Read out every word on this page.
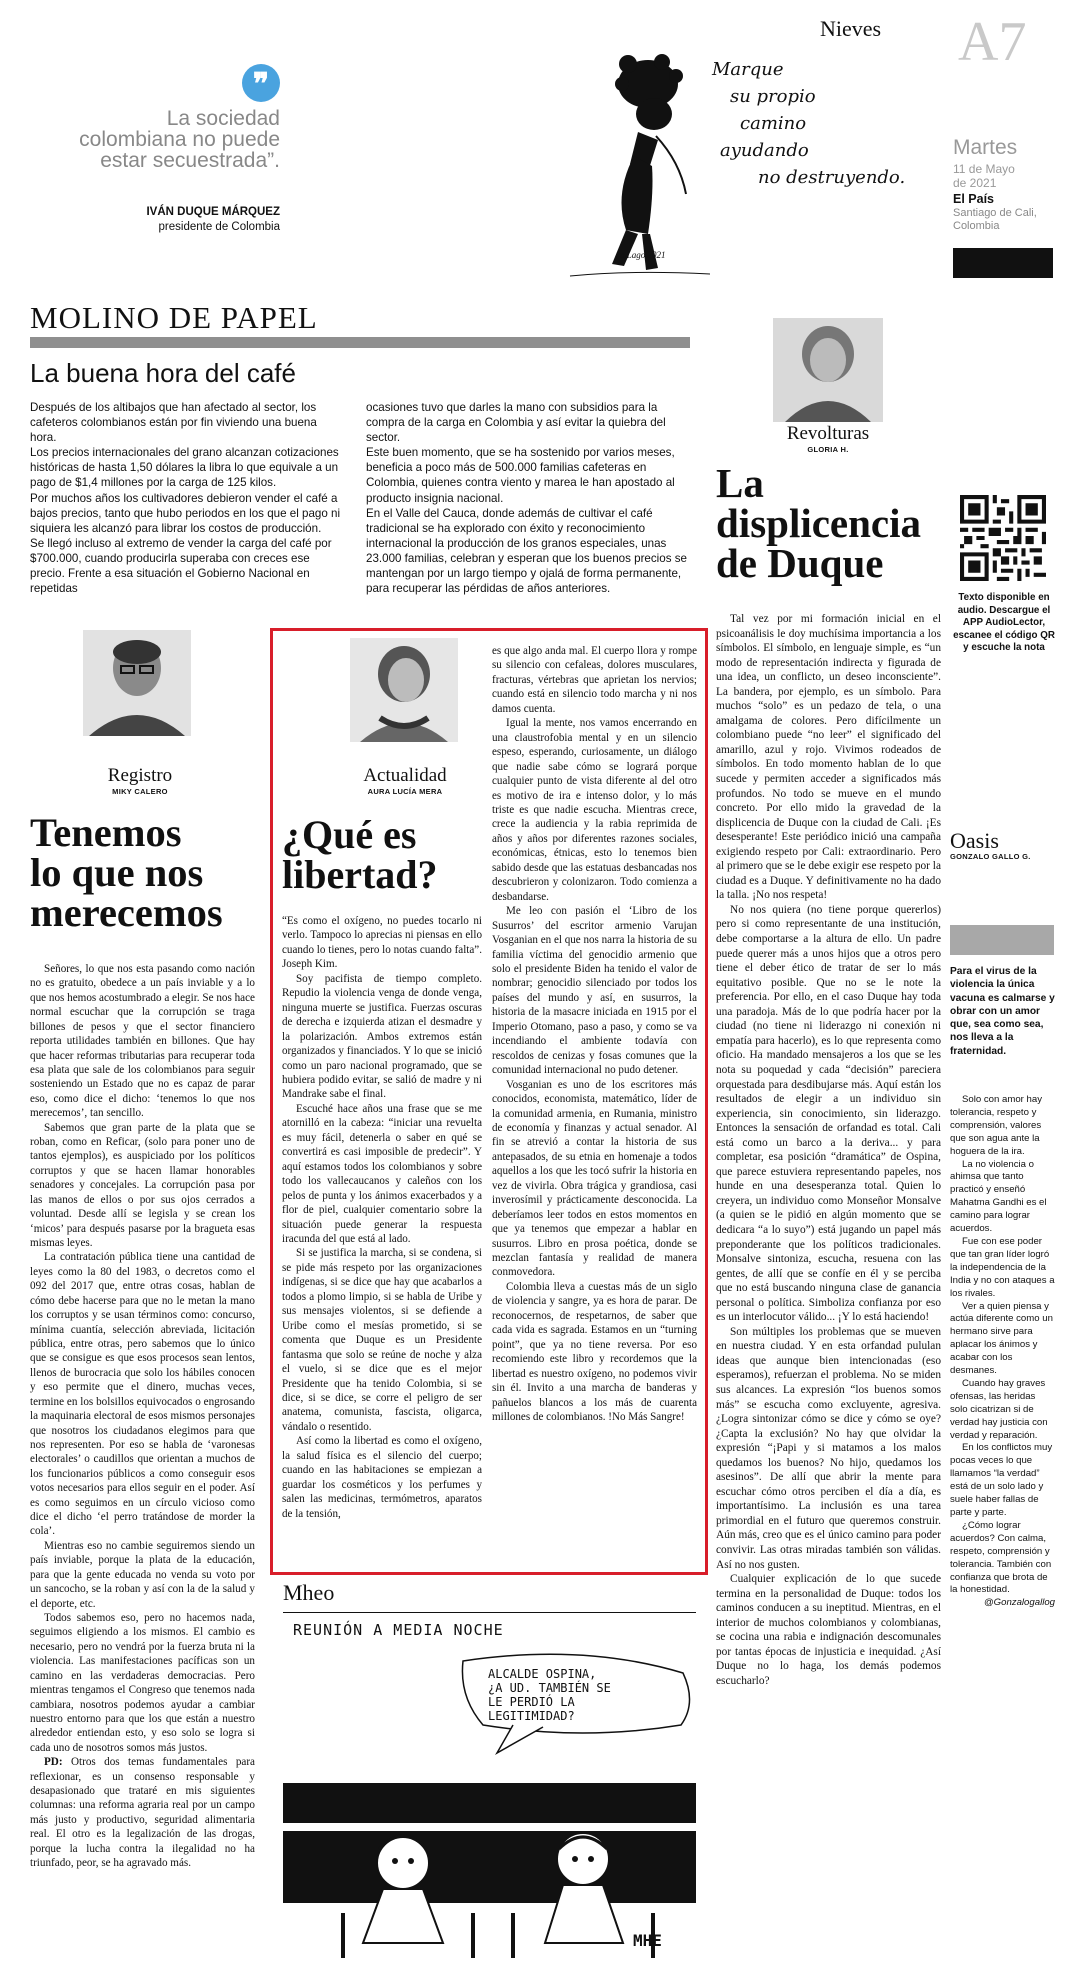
Nieves A7
Martes
11 de Mayo
de 2021
El País
Santiago de Cali,
Colombia
❞
La sociedad
colombiana no puede
estar secuestrada”.
IVÁN DUQUE MÁRQUEZ
presidente de Colombia
Marque
su propio
camino
ayudando
no destruyendo.
n.Lago 2021
MOLINO DE PAPEL
La buena hora del café
Después de los altibajos que han afectado al sector, los cafeteros colombianos están por fin viviendo una buena hora.
Los precios internacionales del grano alcanzan cotizaciones históricas de hasta 1,50 dólares la libra lo que equivale a un pago de $1,4 millones por la carga de 125 kilos.
Por muchos años los cultivadores debieron vender el café a bajos precios, tanto que hubo periodos en los que el pago ni siquiera les alcanzó para librar los costos de producción.
Se llegó incluso al extremo de vender la carga del café por $700.000, cuando producirla superaba con creces ese precio. Frente a esa situación el Gobierno Nacional en repetidas
ocasiones tuvo que darles la mano con subsidios para la compra de la carga en Colombia y así evitar la quiebra del sector.
Este buen momento, que se ha sostenido por varios meses, beneficia a poco más de 500.000 familias cafeteras en Colombia, quienes contra viento y marea le han apostado al producto insignia nacional.
En el Valle del Cauca, donde además de cultivar el café tradicional se ha explorado con éxito y reconocimiento internacional la producción de los granos especiales, unas 23.000 familias, celebran y esperan que los buenos precios se mantengan por un largo tiempo y ojalá de forma permanente, para recuperar las pérdidas de años anteriores.
Revolturas
GLORIA H.
La
displicencia
de Duque

Tal vez por mi formación inicial en el psicoanálisis le doy muchísima importancia a los símbolos. El símbolo, en lenguaje simple, es “un modo de representación indirecta y figurada de una idea, un conflicto, un deseo inconsciente”. La bandera, por ejemplo, es un símbolo. Para muchos “solo” es un pedazo de tela, o una amalgama de colores. Pero difícilmente un colombiano puede “no leer” el significado del amarillo, azul y rojo. Vivimos rodeados de símbolos. En todo momento hablan de lo que sucede y permiten acceder a significados más profundos. No todo se mueve en el mundo concreto. Por ello mido la gravedad de la displicencia de Duque con la ciudad de Cali. ¡Es desesperante! Este periódico inició una campaña exigiendo respeto por Cali: extraordinario. Pero al primero que se le debe exigir ese respeto por la ciudad es a Duque. Y definitivamente no ha dado la talla. ¡No nos respeta!

No nos quiera (no tiene porque quererlos) pero si como representante de una institución, debe comportarse a la altura de ello. Un padre puede querer más a unos hijos que a otros pero tiene el deber ético de tratar de ser lo más equitativo posible. Que no se le note la preferencia. Por ello, en el caso Duque hay toda una paradoja. Más de lo que podría hacer por la ciudad (no tiene ni liderazgo ni conexión ni empatía para hacerlo), es lo que representa como oficio. Ha mandado mensajeros a los que se les nota su poquedad y cada “decisión” pareciera orquestada para desdibujarse más. Aquí están los resultados de elegir a un individuo sin experiencia, sin conocimiento, sin liderazgo. Entonces la sensación de orfandad es total. Cali está como un barco a la deriva... y para completar, esa posición “dramática” de Ospina, que parece estuviera representando papeles, nos hunde en una desesperanza total. Quien lo creyera, un individuo como Monseñor Monsalve (a quien se le pidió en algún momento que se dedicara “a lo suyo”) está jugando un papel más preponderante que los políticos tradicionales. Monsalve sintoniza, escucha, resuena con las gentes, de allí que se confíe en él y se perciba que no está buscando ninguna clase de ganancia personal o política. Simboliza confianza por eso es un interlocutor válido... ¡Y lo está haciendo!

Son múltiples los problemas que se mueven en nuestra ciudad. Y en esta orfandad pululan ideas que aunque bien intencionadas (eso esperamos), refuerzan el problema. No se miden sus alcances. La expresión “los buenos somos más” se escucha como excluyente, agresiva. ¿Logra sintonizar cómo se dice y cómo se oye? ¿Capta la exclusión? No hay que olvidar la expresión “¡Papi y si matamos a los malos quedamos los buenos? No hijo, quedamos los asesinos”. De allí que abrir la mente para escuchar cómo otros perciben el día a día, es importantísimo. La inclusión es una tarea primordial en el futuro que queremos construir. Aún más, creo que es el único camino para poder convivir. Las otras miradas también son válidas. Así no nos gusten.

Cualquier explicación de lo que sucede termina en la personalidad de Duque: todos los caminos conducen a su ineptitud. Mientras, en el interior de muchos colombianos y colombianas, se cocina una rabia e indignación descomunales por tantas épocas de injusticia e inequidad. ¿Así Duque no lo haga, los demás podemos escucharlo?

Texto disponible en audio. Descargue el APP AudioLector, escanee el código QR y escuche la nota
Oasis
GONZALO GALLO G.
Para el virus de la violencia la única vacuna es calmarse y obrar con un amor que, sea como sea, nos lleva a la fraternidad.
Solo con amor hay tolerancia, respeto y comprensión, valores que son agua ante la hoguera de la ira.
La no violencia o ahimsa que tanto practicó y enseñó Mahatma Gandhi es el camino para lograr acuerdos.
Fue con ese poder que tan gran líder logró la independencia de la India y no con ataques a los rivales.
Ver a quien piensa y actúa diferente como un hermano sirve para aplacar los ánimos y acabar con los desmanes.
Cuando hay graves ofensas, las heridas solo cicatrizan si de verdad hay justicia con verdad y reparación.
En los conflictos muy pocas veces lo que llamamos “la verdad” está de un solo lado y suele haber fallas de parte y parte.
¿Cómo lograr acuerdos? Con calma, respeto, comprensión y tolerancia. También con confianza que brota de la honestidad.
@Gonzalogallog
Registro
MIKY CALERO
Tenemos
lo que nos
merecemos

Señores, lo que nos esta pasando como nación no es gratuito, obedece a un país inviable y a lo que nos hemos acostumbrado a elegir. Se nos hace normal escuchar que la corrupción se traga billones de pesos y que el sector financiero reporta utilidades también en billones. Que hay que hacer reformas tributarias para recuperar toda esa plata que sale de los colombianos para seguir sosteniendo un Estado que no es capaz de parar eso, como dice el dicho: ‘tenemos lo que nos merecemos’, tan sencillo.

Sabemos que gran parte de la plata que se roban, como en Reficar, (solo para poner uno de tantos ejemplos), es auspiciado por los políticos corruptos y que se hacen llamar honorables senadores y concejales. La corrupción pasa por las manos de ellos o por sus ojos cerrados a voluntad. Desde allí se legisla y se crean los ‘micos’ para después pasarse por la bragueta esas mismas leyes.

La contratación pública tiene una cantidad de leyes como la 80 del 1983, o decretos como el 092 del 2017 que, entre otras cosas, hablan de cómo debe hacerse para que no le metan la mano los corruptos y se usan términos como: concurso, mínima cuantía, selección abreviada, licitación pública, entre otras, pero sabemos que lo único que se consigue es que esos procesos sean lentos, llenos de burocracia que solo los hábiles conocen y eso permite que el dinero, muchas veces, termine en los bolsillos equivocados o engrosando la maquinaria electoral de esos mismos personajes que nosotros los ciudadanos elegimos para que nos representen. Por eso se habla de ‘varonesas electorales’ o caudillos que orientan a muchos de los funcionarios públicos a como conseguir esos votos necesarios para ellos seguir en el poder. Así es como seguimos en un círculo vicioso como dice el dicho ‘el perro tratándose de morder la cola’.

Mientras eso no cambie seguiremos siendo un país inviable, porque la plata de la educación, para que la gente educada no venda su voto por un sancocho, se la roban y así con la de la salud y el deporte, etc.

Todos sabemos eso, pero no hacemos nada, seguimos eligiendo a los mismos. El cambio es necesario, pero no vendrá por la fuerza bruta ni la violencia. Las manifestaciones pacíficas son un camino en las verdaderas democracias. Pero mientras tengamos el Congreso que tenemos nada cambiara, nosotros podemos ayudar a cambiar nuestro entorno para que los que están a nuestro alrededor entiendan esto, y eso solo se logra si cada uno de nosotros somos más justos.

PD: Otros dos temas fundamentales para reflexionar, es un consenso responsable y desapasionado que trataré en mis siguientes columnas: una reforma agraria real por un campo más justo y productivo, seguridad alimentaria real. El otro es la legalización de las drogas, porque la lucha contra la ilegalidad no ha triunfado, peor, se ha agravado más.

Actualidad
AURA LUCÍA MERA
¿Qué es
libertad?

“Es como el oxígeno, no puedes tocarlo ni verlo. Tampoco lo aprecias ni piensas en ello cuando lo tienes, pero lo notas cuando falta”. Joseph Kim.

Soy pacifista de tiempo completo. Repudio la violencia venga de donde venga, ninguna muerte se justifica. Fuerzas oscuras de derecha e izquierda atizan el desmadre y la polarización. Ambos extremos están organizados y financiados. Y lo que se inició como un paro nacional programado, que se hubiera podido evitar, se salió de madre y ni Mandrake sabe el final.

Escuché hace años una frase que se me atornilló en la cabeza: “iniciar una revuelta es muy fácil, detenerla o saber en qué se convertirá es casi imposible de predecir”. Y aquí estamos todos los colombianos y sobre todo los vallecaucanos y caleños con los pelos de punta y los ánimos exacerbados y a flor de piel, cualquier comentario sobre la situación puede generar la respuesta iracunda del que está al lado.

Si se justifica la marcha, si se condena, si se pide más respeto por las organizaciones indígenas, si se dice que hay que acabarlos a todos a plomo limpio, si se habla de Uribe y sus mensajes violentos, si se defiende a Uribe como el mesías prometido, si se comenta que Duque es un Presidente fantasma que solo se reúne de noche y alza el vuelo, si se dice que es el mejor Presidente que ha tenido Colombia, si se dice, si se dice, se corre el peligro de ser anatema, comunista, fascista, oligarca, vándalo o resentido.

Así como la libertad es como el oxígeno, la salud física es el silencio del cuerpo; cuando en las habitaciones se empiezan a guardar los cosméticos y los perfumes y salen las medicinas, termómetros, aparatos de la tensión,

es que algo anda mal. El cuerpo llora y rompe su silencio con cefaleas, dolores musculares, fracturas, vértebras que aprietan los nervios; cuando está en silencio todo marcha y ni nos damos cuenta.

Igual la mente, nos vamos encerrando en una claustrofobia mental y en un silencio espeso, esperando, curiosamente, un diálogo que nadie sabe cómo se logrará porque cualquier punto de vista diferente al del otro es motivo de ira e intenso dolor, y lo más triste es que nadie escucha. Mientras crece, crece la audiencia y la rabia reprimida de años y años por diferentes razones sociales, económicas, étnicas, esto lo tenemos bien sabido desde que las estatuas desbancadas nos descubrieron y colonizaron. Todo comienza a desbandarse.

Me leo con pasión el ‘Libro de los Susurros’ del escritor armenio Varujan Vosganian en el que nos narra la historia de su familia víctima del genocidio armenio que solo el presidente Biden ha tenido el valor de nombrar; genocidio silenciado por todos los países del mundo y así, en susurros, la historia de la masacre iniciada en 1915 por el Imperio Otomano, paso a paso, y como se va incendiando el ambiente todavía con rescoldos de cenizas y fosas comunes que la comunidad internacional no pudo detener.

Vosganian es uno de los escritores más conocidos, economista, matemático, líder de la comunidad armenia, en Rumania, ministro de economía y finanzas y actual senador. Al fin se atrevió a contar la historia de sus antepasados, de su etnia en homenaje a todos aquellos a los que les tocó sufrir la historia en vez de vivirla. Obra trágica y grandiosa, casi inverosímil y prácticamente desconocida. La deberíamos leer todos en estos momentos en que ya tenemos que empezar a hablar en susurros. Libro en prosa poética, donde se mezclan fantasía y realidad de manera conmovedora.

Colombia lleva a cuestas más de un siglo de violencia y sangre, ya es hora de parar. De reconocernos, de respetarnos, de saber que cada vida es sagrada. Estamos en un “turning point”, que ya no tiene reversa. Por eso recomiendo este libro y recordemos que la libertad es nuestro oxígeno, no podemos vivir sin él. Invito a una marcha de banderas y pañuelos blancos a los más de cuarenta millones de colombianos. !No Más Sangre!

Mheo
REUNIÓN A MEDIA NOCHE
ALCALDE OSPINA,
¿A UD. TAMBIÉN SE
LE PERDIÓ LA
LEGITIMIDAD?
MHE
